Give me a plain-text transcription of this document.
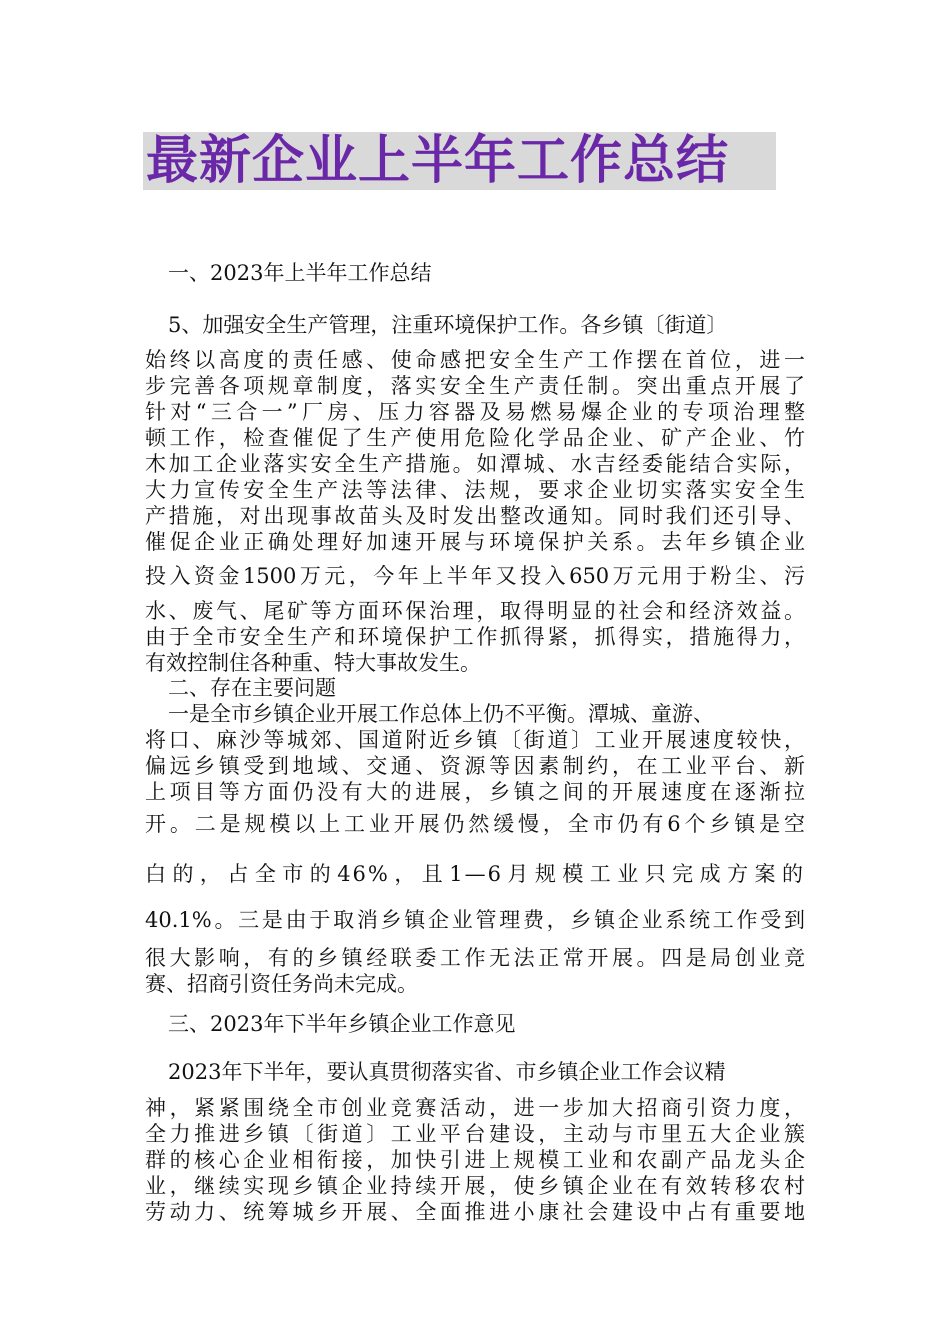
最新企业上半年工作总结
一、2023年上半年工作总结
5、加强安全生产管理，注重环境保护工作。各乡镇〔街道〕
始终以高度的责任感、使命感把安全生产工作摆在首位，进一
步完善各项规章制度，落实安全生产责任制。突出重点开展了
针对“三合一”厂房、压力容器及易燃易爆企业的专项治理整
顿工作，检查催促了生产使用危险化学品企业、矿产企业、竹
木加工企业落实安全生产措施。如潭城、水吉经委能结合实际，
大力宣传安全生产法等法律、法规，要求企业切实落实安全生
产措施，对出现事故苗头及时发出整改通知。同时我们还引导、
催促企业正确处理好加速开展与环境保护关系。去年乡镇企业
投入资金1500万元，今年上半年又投入650万元用于粉尘、污
水、废气、尾矿等方面环保治理，取得明显的社会和经济效益。
由于全市安全生产和环境保护工作抓得紧，抓得实，措施得力，
有效控制住各种重、特大事故发生。
二、存在主要问题
一是全市乡镇企业开展工作总体上仍不平衡。潭城、童游、
将口、麻沙等城郊、国道附近乡镇〔街道〕工业开展速度较快，
偏远乡镇受到地域、交通、资源等因素制约，在工业平台、新
上项目等方面仍没有大的进展，乡镇之间的开展速度在逐渐拉
开。二是规模以上工业开展仍然缓慢，全市仍有6个乡镇是空
白的，占全市的46%，且1—6月规模工业只完成方案的
40.1%。三是由于取消乡镇企业管理费，乡镇企业系统工作受到
很大影响，有的乡镇经联委工作无法正常开展。四是局创业竞
赛、招商引资任务尚未完成。
三、2023年下半年乡镇企业工作意见
2023年下半年，要认真贯彻落实省、市乡镇企业工作会议精
神，紧紧围绕全市创业竞赛活动，进一步加大招商引资力度，
全力推进乡镇〔街道〕工业平台建设，主动与市里五大企业簇
群的核心企业相衔接，加快引进上规模工业和农副产品龙头企
业，继续实现乡镇企业持续开展，使乡镇企业在有效转移农村
劳动力、统筹城乡开展、全面推进小康社会建设中占有重要地
